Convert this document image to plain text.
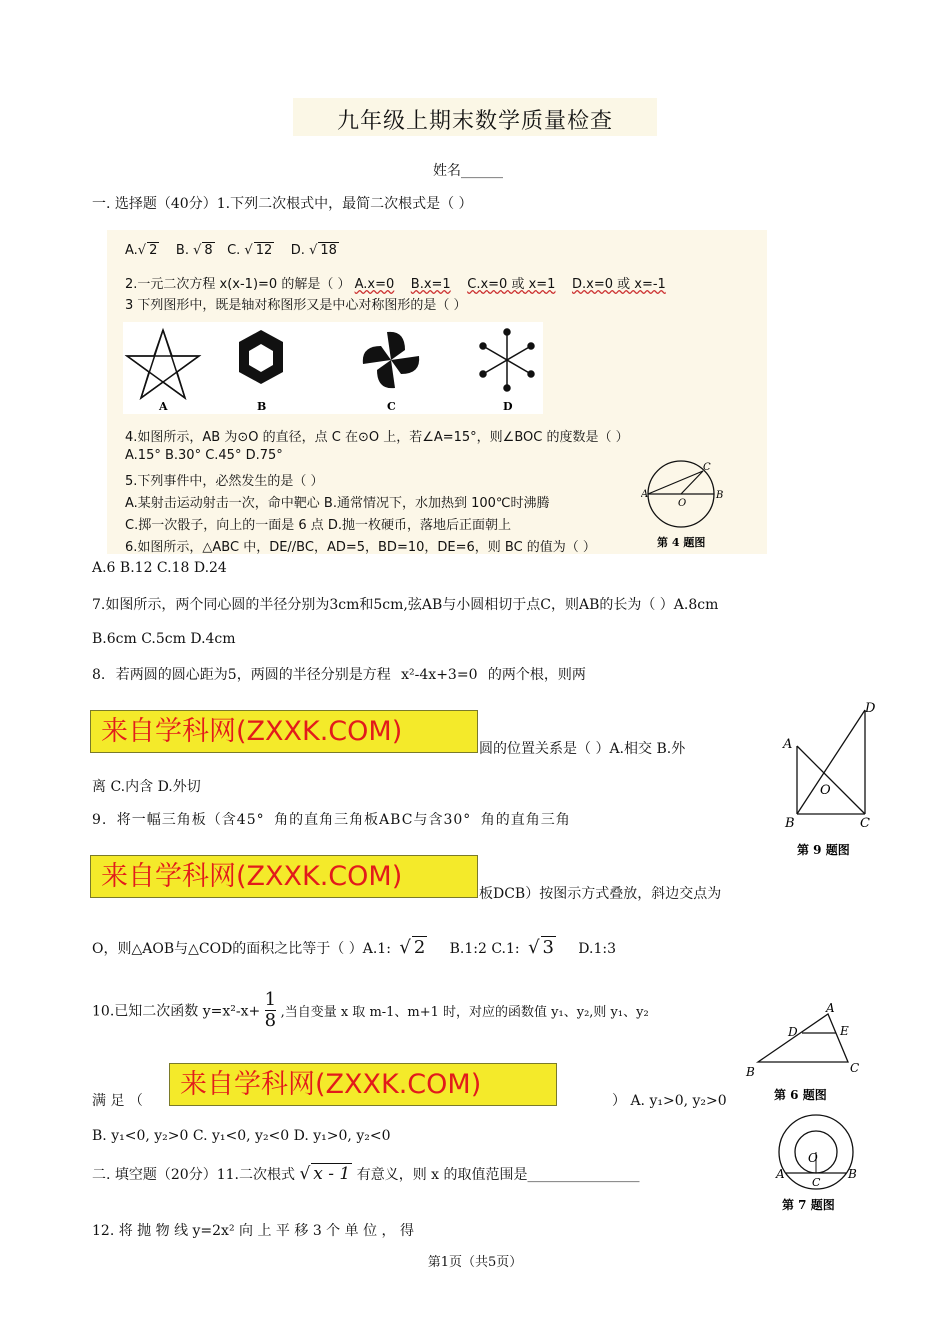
九年级上期末数学质量检查
姓名______
一. 选择题（40分）1.下列二次根式中，最简二次根式是（ ）
A.√ 2 B. √ 8 C. √ 12 D. √ 18
2.一元二次方程 x(x-1)=0 的解是（ ） A.x=0 B.x=1 C.x=0 或 x=1 D.x=0 或 x=-1
3 下列图形中，既是轴对称图形又是中心对称图形的是（ ）
A	B	C	D
4.如图所示，AB 为⊙O 的直径，点 C 在⊙O 上，若∠A=15°，则∠BOC 的度数是（ ）
A.15° B.30° C.45° D.75°
5.下列事件中，必然发生的是（ ）
A.某射击运动射击一次，命中靶心 B.通常情况下，水加热到 100℃时沸腾
C.掷一次骰子，向上的一面是 6 点 D.抛一枚硬币，落地后正面朝上
6.如图所示，△ABC 中，DE//BC，AD=5，BD=10，DE=6，则 BC 的值为（ ）
A	B
C
O
第 4 题图
A.6 B.12 C.18 D.24
7.如图所示，两个同心圆的半径分别为3cm和5cm,弦AB与小圆相切于点C，则AB的长为（ ）A.8cm
B.6cm C.5cm D.4cm
8. 若两圆的圆心距为5，两圆的半径分别是方程 x²-4x+3=0 的两个根，则两
来自学科网(ZXXK.COM)
圆的位置关系是（ ）A.相交 B.外
离 C.内含 D.外切
9. 将一幅三角板（含45° 角的直角三角板ABC与含30° 角的直角三角
来自学科网(ZXXK.COM)
板DCB）按图示方式叠放，斜边交点为
O，则△AOB与△COD的面积之比等于（ ）A.1: √ 2 B.1:2 C.1: √ 3 D.1:3
10.已知二次函数 $y=x^2-x+ \frac{1}{8}$ ,当自变量 x 取 m-1、m+1 时，对应的函数值 y₁、y₂,则 y₁、y₂
满 足 （
来自学科网(ZXXK.COM)
） A. y₁>0, y₂>0
B. y₁<0, y₂>0 C. y₁<0, y₂<0 D. y₁>0, y₂<0
二. 填空题（20分）11.二次根式 √ x - 1 有意义，则 x 的取值范围是________________
12. 将 抛 物 线 y=2x² 向 上 平 移 3 个 单 位 ， 得
A
B	C
D
O
第 9 题图
A
B	C
D	E
第 6 题图
A	B
C
O
第 7 题图
第1页（共5页）
